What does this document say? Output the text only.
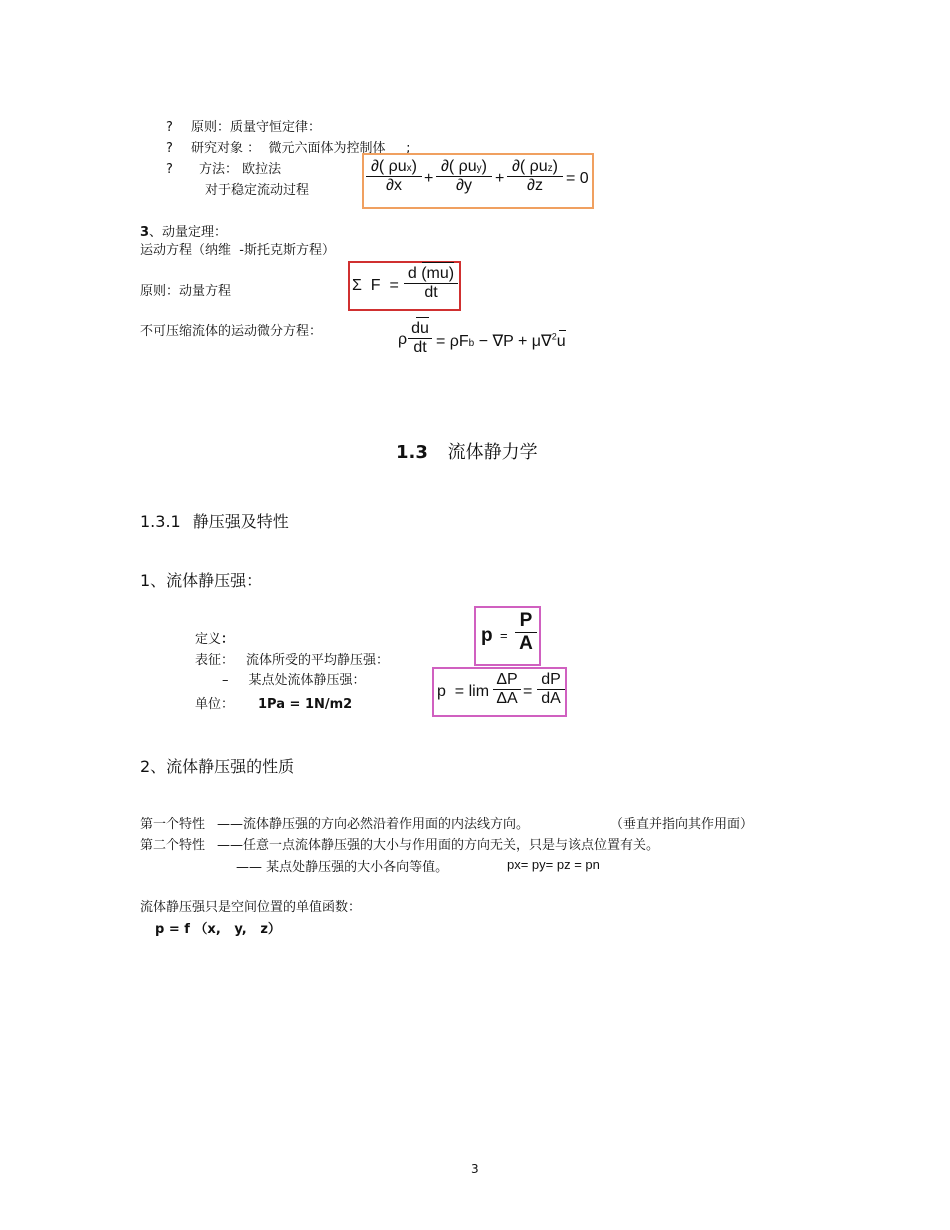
? 原则：质量守恒定律：
? 研究对象 ：  微元六面体为控制体     ;
? 方法： 欧拉法
对于稳定流动过程
∂( ρux)
∂x	+
∂( ρuy)
∂y	+
∂( ρuz)
∂z	= 0
3、动量定理：
运动方程（纳维  -斯托克斯方程）
原则：动量方程	Σ  $F = \frac{d (mu)}{dt}$
不可压缩流体的运动微分方程：	ρ $\frac{du}{dt} = \rho Fb - \nabla P + \mu\nabla^2u$
1.3 流体静力学
1.3.1 静压强及特性
1、流体静压强：
定义：
表征： 流体所受的平均静压强：
– 某点处流体静压强：
单位： 1Pa = 1N/m2
$p = \frac{P}{A}$
$p = \lim \frac{\Delta P}{\Delta A} = \frac{dP}{dA}$
2、流体静压强的性质
第一个特性 ——流体静压强的方向必然沿着作用面的内法线方向。	（垂直并指向其作用面）
第二个特性 ——任意一点流体静压强的大小与作用面的方向无关，只是与该点位置有关。
—— 某点处静压强的大小各向等值。	px= py= pz = pn
流体静压强只是空间位置的单值函数：
p = f （x,   y,   z）
3
